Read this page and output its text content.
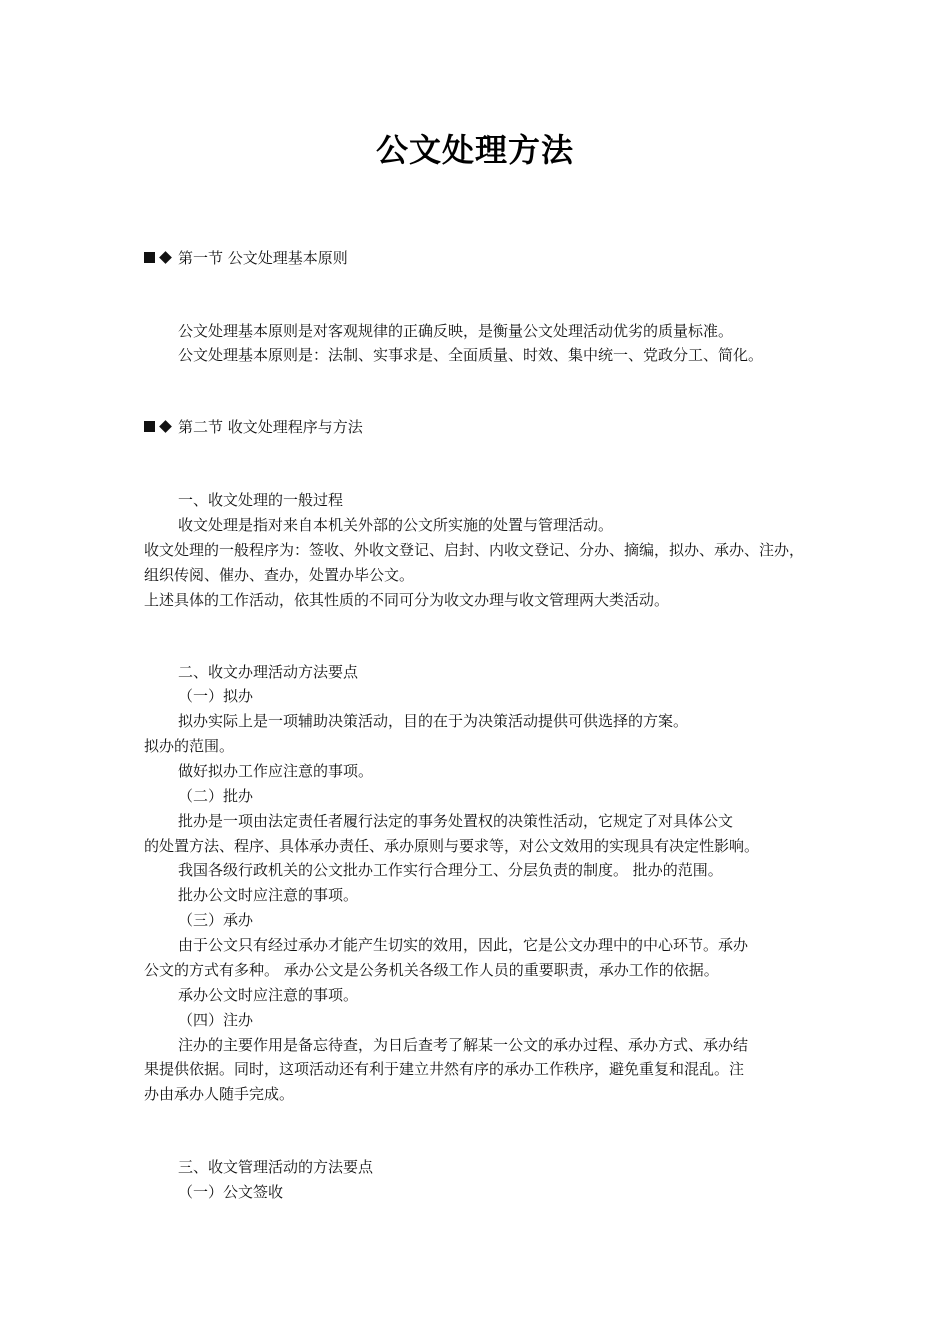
公文处理方法
第一节 公文处理基本原则
公文处理基本原则是对客观规律的正确反映，是衡量公文处理活动优劣的质量标准。
公文处理基本原则是：法制、实事求是、全面质量、时效、集中统一、党政分工、简化。
第二节 收文处理程序与方法
一、收文处理的一般过程
收文处理是指对来自本机关外部的公文所实施的处置与管理活动。
收文处理的一般程序为：签收、外收文登记、启封、内收文登记、分办、摘编，拟办、承办、注办，
组织传阅、催办、查办，处置办毕公文。
上述具体的工作活动，依其性质的不同可分为收文办理与收文管理两大类活动。
二、收文办理活动方法要点
（一）拟办
拟办实际上是一项辅助决策活动，目的在于为决策活动提供可供选择的方案。
拟办的范围。
做好拟办工作应注意的事项。
（二）批办
批办是一项由法定责任者履行法定的事务处置权的决策性活动，它规定了对具体公文
的处置方法、程序、具体承办责任、承办原则与要求等，对公文效用的实现具有决定性影响。
我国各级行政机关的公文批办工作实行合理分工、分层负责的制度。 批办的范围。
批办公文时应注意的事项。
（三）承办
由于公文只有经过承办才能产生切实的效用，因此，它是公文办理中的中心环节。承办
公文的方式有多种。 承办公文是公务机关各级工作人员的重要职责，承办工作的依据。
承办公文时应注意的事项。
（四）注办
注办的主要作用是备忘待查，为日后查考了解某一公文的承办过程、承办方式、承办结
果提供依据。同时，这项活动还有利于建立井然有序的承办工作秩序，避免重复和混乱。注
办由承办人随手完成。
三、收文管理活动的方法要点
（一）公文签收
